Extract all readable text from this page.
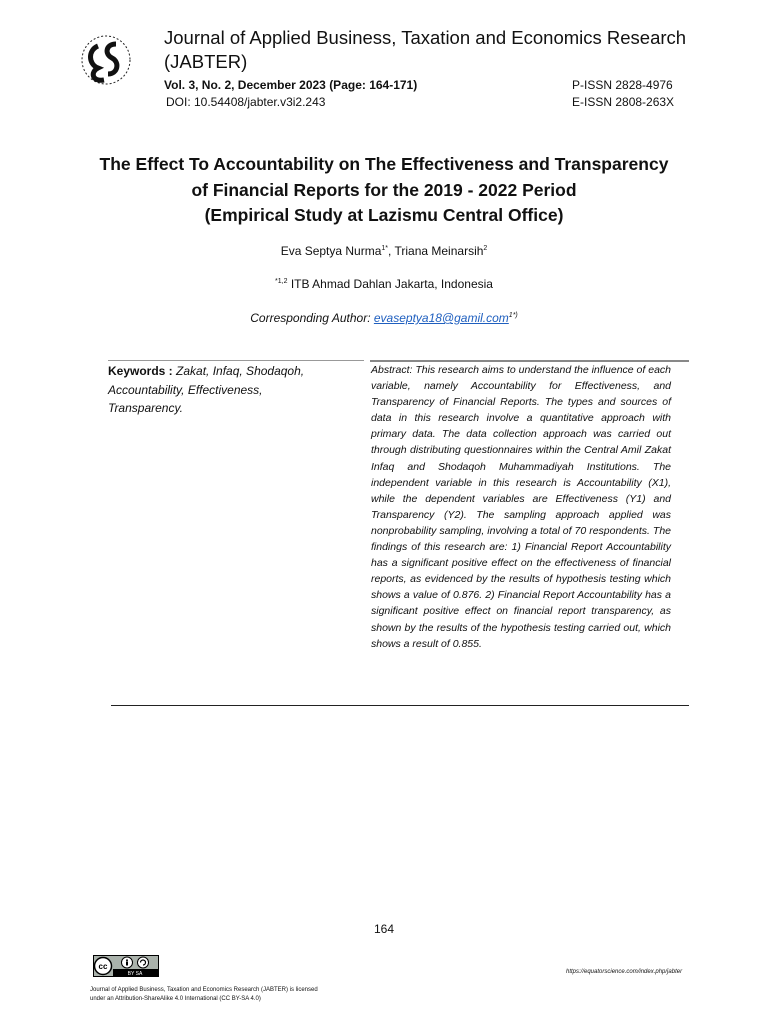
Journal of Applied Business, Taxation and Economics Research (JABTER)
Vol. 3, No. 2, December 2023 (Page: 164-171)
DOI: 10.54408/jabter.v3i2.243
P-ISSN 2828-4976
E-ISSN 2808-263X
The Effect To Accountability on The Effectiveness and Transparency
of Financial Reports for the 2019 - 2022 Period
(Empirical Study at Lazismu Central Office)
Eva Septya Nurma$^{1*}$, Triana Meinarsih$^2$
$^{*1,2}$ ITB Ahmad Dahlan Jakarta, Indonesia
Corresponding Author: evaseptya18@gamil.com$^{1*)}$
Keywords : Zakat, Infaq, Shodaqoh, Accountability, Effectiveness, Transparency.
Abstract: This research aims to understand the influence of each variable, namely Accountability for Effectiveness, and Transparency of Financial Reports. The types and sources of data in this research involve a quantitative approach with primary data. The data collection approach was carried out through distributing questionnaires within the Central Amil Zakat Infaq and Shodaqoh Muhammadiyah Institutions. The independent variable in this research is Accountability (X1), while the dependent variables are Effectiveness (Y1) and Transparency (Y2). The sampling approach applied was nonprobability sampling, involving a total of 70 respondents. The findings of this research are: 1) Financial Report Accountability has a significant positive effect on the effectiveness of financial reports, as evidenced by the results of hypothesis testing which shows a value of 0.876. 2) Financial Report Accountability has a significant positive effect on financial report transparency, as shown by the results of the hypothesis testing carried out, which shows a result of 0.855.
164
cc
BY SA	https://equatorscience.com/index.php/jabter
Journal of Applied Business, Taxation and Economics Research (JABTER) is licensed
under an Attribution-ShareAlike 4.0 International (CC BY-SA 4.0)
